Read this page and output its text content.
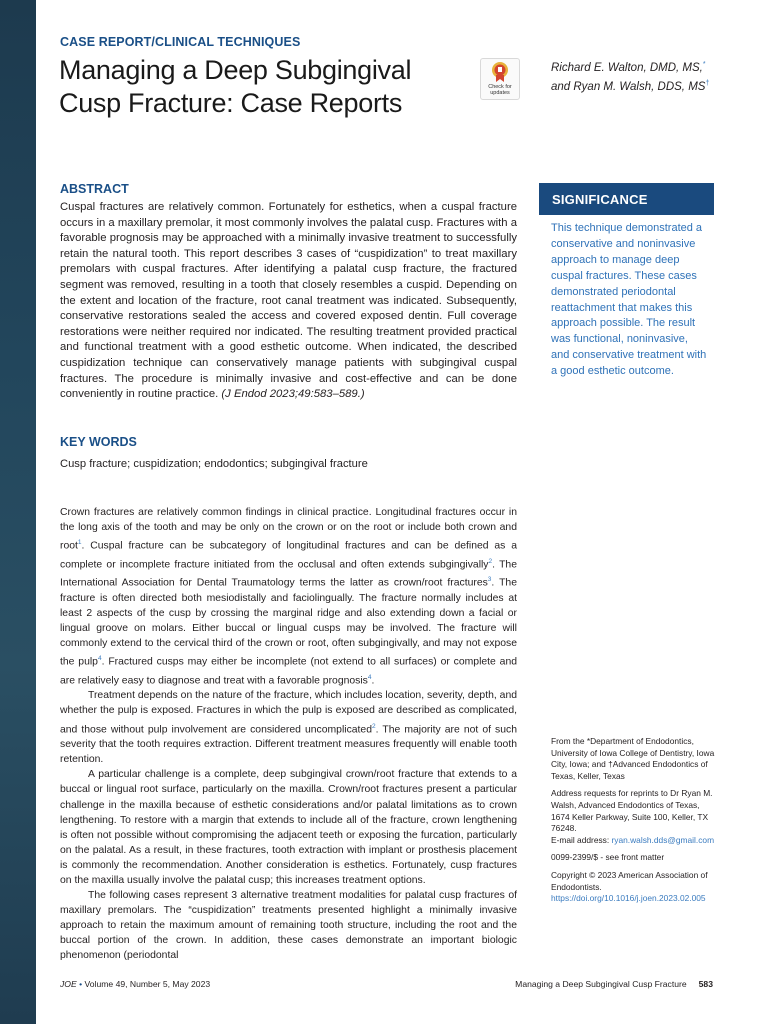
CASE REPORT/CLINICAL TECHNIQUES
Managing a Deep Subgingival Cusp Fracture: Case Reports
Check for updates
Richard E. Walton, DMD, MS,*
and Ryan M. Walsh, DDS, MS†
ABSTRACT
Cuspal fractures are relatively common. Fortunately for esthetics, when a cuspal fracture occurs in a maxillary premolar, it most commonly involves the palatal cusp. Fractures with a favorable prognosis may be approached with a minimally invasive treatment to successfully retain the natural tooth. This report describes 3 cases of “cuspidization” to treat maxillary premolars with cuspal fractures. After identifying a palatal cusp fracture, the fractured segment was removed, resulting in a tooth that closely resembles a cuspid. Depending on the extent and location of the fracture, root canal treatment was indicated. Subsequently, conservative restorations sealed the access and covered exposed dentin. Full coverage restorations were neither required nor indicated. The resulting treatment provided practical and functional treatment with a good esthetic outcome. When indicated, the described cuspidization technique can conservatively manage patients with subgingival cuspal fractures. The procedure is minimally invasive and cost-effective and can be done conveniently in routine practice. (J Endod 2023;49:583–589.)
SIGNIFICANCE
This technique demonstrated a conservative and noninvasive approach to manage deep cuspal fractures. These cases demonstrated periodontal reattachment that makes this approach possible. The result was functional, noninvasive, and conservative treatment with a good esthetic outcome.
KEY WORDS
Cusp fracture; cuspidization; endodontics; subgingival fracture

Crown fractures are relatively common findings in clinical practice. Longitudinal fractures occur in the long axis of the tooth and may be only on the crown or on the root or include both crown and root$^1$. Cuspal fracture can be subcategory of longitudinal fractures and can be defined as a complete or incomplete fracture initiated from the occlusal and often extends subgingivally$^2$. The International Association for Dental Traumatology terms the latter as crown/root fractures$^3$. The fracture is often directed both mesiodistally and faciolingually. The fracture normally includes at least 2 aspects of the cusp by crossing the marginal ridge and also extending down a facial or lingual groove on molars. Either buccal or lingual cusps may be involved. The fracture will commonly extend to the cervical third of the crown or root, often subgingivally, and may not expose the pulp$^4$. Fractured cusps may either be incomplete (not extend to all surfaces) or complete and are relatively easy to diagnose and treat with a favorable prognosis$^4$.

Treatment depends on the nature of the fracture, which includes location, severity, depth, and whether the pulp is exposed. Fractures in which the pulp is exposed are described as complicated, and those without pulp involvement are considered uncomplicated$^2$. The majority are not of such severity that the tooth requires extraction. Different treatment measures frequently will enable tooth retention.

A particular challenge is a complete, deep subgingival crown/root fracture that extends to a buccal or lingual root surface, particularly on the maxilla. Crown/root fractures present a particular challenge in the maxilla because of esthetic considerations and/or palatal limitations as to crown lengthening. To restore with a margin that extends to include all of the fracture, crown lengthening is often not possible without compromising the adjacent teeth or exposing the furcation, particularly on the palatal. As a result, in these fractures, tooth extraction with implant or prosthesis placement is commonly the recommendation. Another consideration is esthetics. Fortunately, cusp fractures on the maxilla usually involve the palatal cusp; this increases treatment options.

The following cases represent 3 alternative treatment modalities for palatal cusp fractures of maxillary premolars. The “cuspidization” treatments presented highlight a minimally invasive approach to retain the maximum amount of remaining tooth structure, including the root and the buccal portion of the crown. In addition, these cases demonstrate an important biologic phenomenon (periodontal

From the *Department of Endodontics, University of Iowa College of Dentistry, Iowa City, Iowa; and †Advanced Endodontics of Texas, Keller, Texas

Address requests for reprints to Dr Ryan M. Walsh, Advanced Endodontics of Texas, 1674 Keller Parkway, Suite 100, Keller, TX 76248.
E-mail address: ryan.walsh.dds@gmail.com

0099-2399/$ - see front matter

Copyright © 2023 American Association of Endodontists.
https://doi.org/10.1016/j.joen.2023.02.005

JOE • Volume 49, Number 5, May 2023	Managing a Deep Subgingival Cusp Fracture 583
